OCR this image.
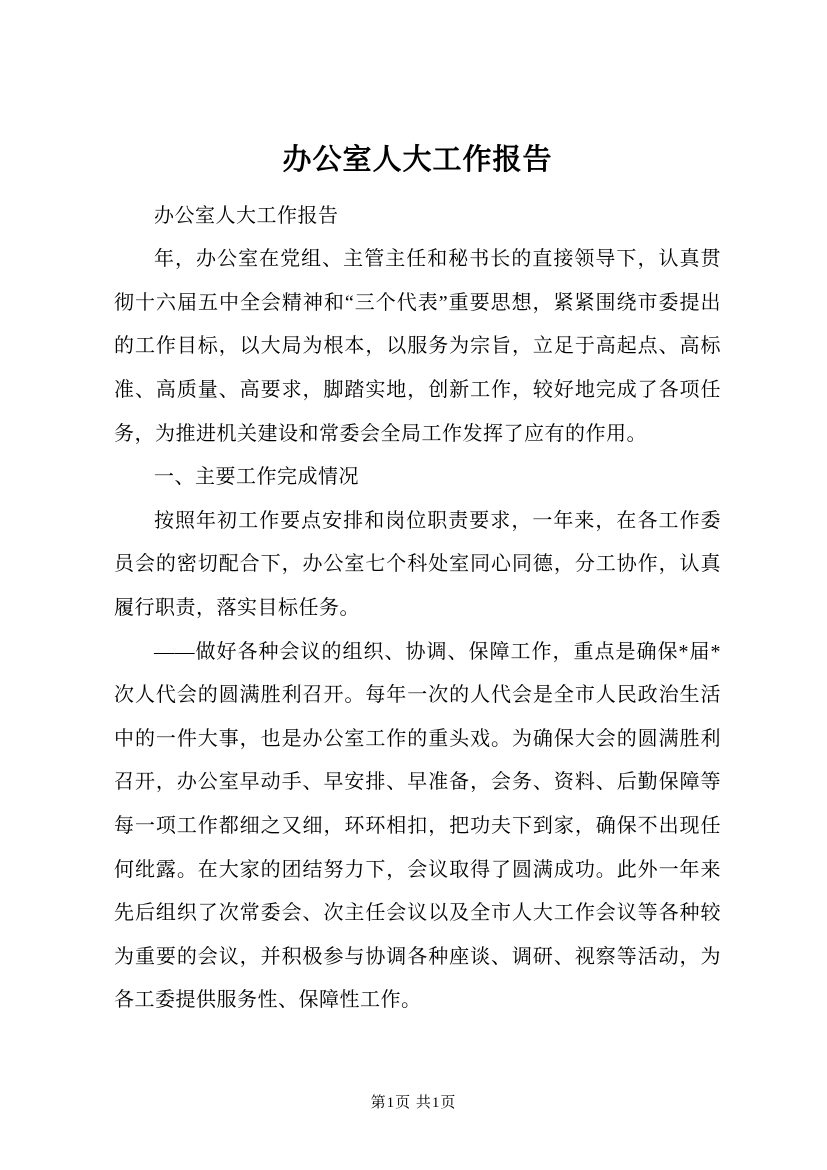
办公室人大工作报告

办公室人大工作报告

年，办公室在党组、主管主任和秘书长的直接领导下，认真贯彻十六届五中全会精神和“三个代表”重要思想，紧紧围绕市委提出的工作目标，以大局为根本，以服务为宗旨，立足于高起点、高标准、高质量、高要求，脚踏实地，创新工作，较好地完成了各项任务，为推进机关建设和常委会全局工作发挥了应有的作用。

一、主要工作完成情况

按照年初工作要点安排和岗位职责要求，一年来，在各工作委员会的密切配合下，办公室七个科处室同心同德，分工协作，认真履行职责，落实目标任务。

——做好各种会议的组织、协调、保障工作，重点是确保*届*次人代会的圆满胜利召开。每年一次的人代会是全市人民政治生活中的一件大事，也是办公室工作的重头戏。为确保大会的圆满胜利召开，办公室早动手、早安排、早准备，会务、资料、后勤保障等每一项工作都细之又细，环环相扣，把功夫下到家，确保不出现任何纰露。在大家的团结努力下，会议取得了圆满成功。此外一年来先后组织了次常委会、次主任会议以及全市人大工作会议等各种较为重要的会议，并积极参与协调各种座谈、调研、视察等活动，为各工委提供服务性、保障性工作。

第1页 共1页
